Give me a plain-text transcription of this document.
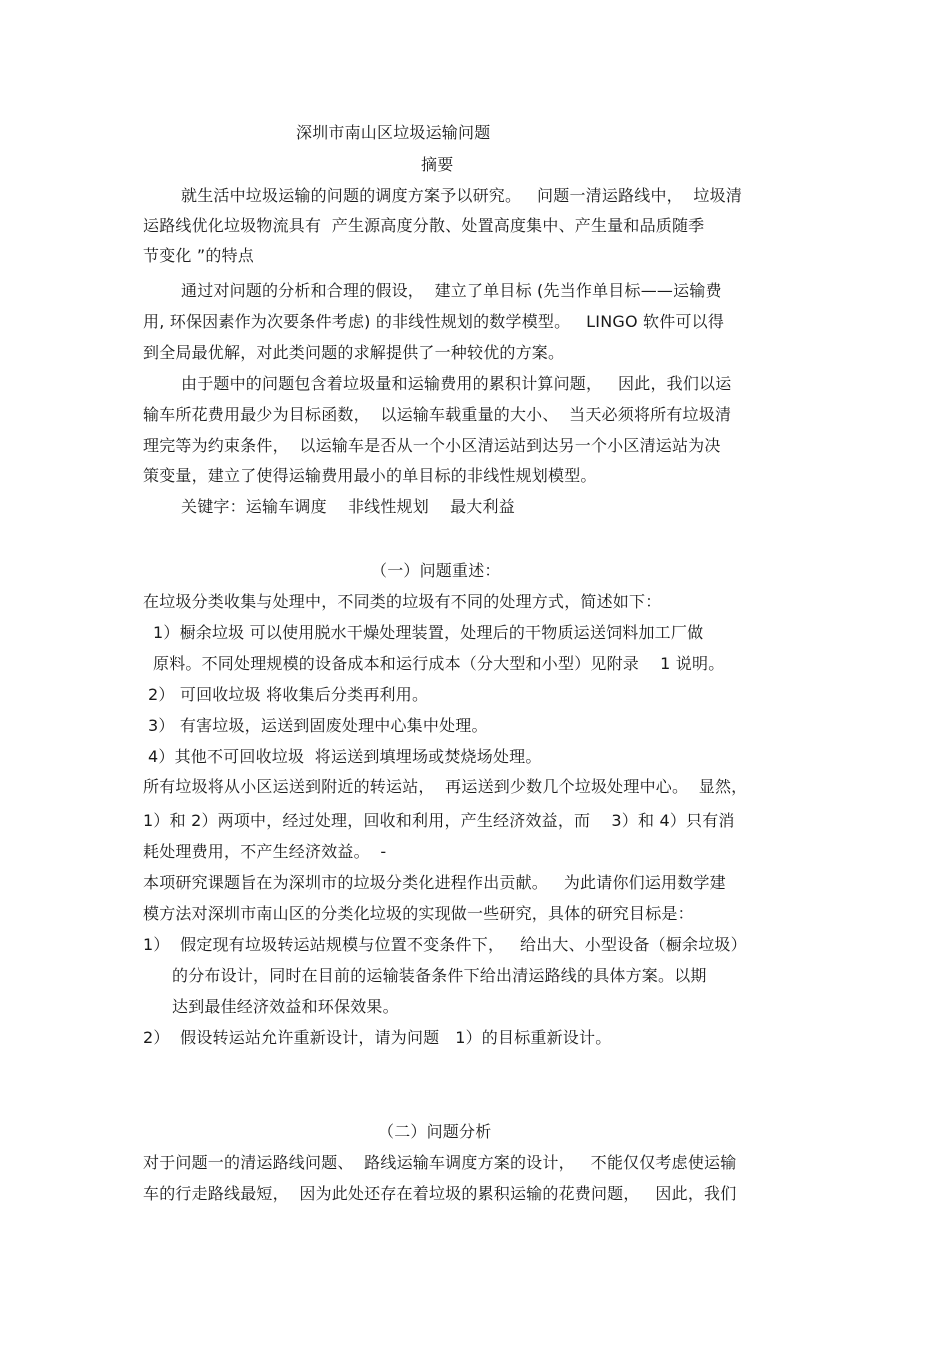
深圳市南山区垃圾运输问题
摘要
就生活中垃圾运输的问题的调度方案予以研究。   问题一清运路线中，  垃圾清
运路线优化垃圾物流具有  产生源高度分散、处置高度集中、产生量和品质随季
节变化 ”的特点
通过对问题的分析和合理的假设，  建立了单目标 (先当作单目标——运输费
用, 环保因素作为次要条件考虑) 的非线性规划的数学模型。   LINGO 软件可以得
到全局最优解，对此类问题的求解提供了一种较优的方案。
由于题中的问题包含着垃圾量和运输费用的累积计算问题，   因此，我们以运
输车所花费用最少为目标函数，  以运输车载重量的大小、  当天必须将所有垃圾清
理完等为约束条件，  以运输车是否从一个小区清运站到达另一个小区清运站为决
策变量，建立了使得运输费用最小的单目标的非线性规划模型。
关键字：运输车调度    非线性规划    最大利益
（一）问题重述：
在垃圾分类收集与处理中，不同类的垃圾有不同的处理方式，简述如下：
1）橱余垃圾 可以使用脱水干燥处理装置，处理后的干物质运送饲料加工厂做
原料。不同处理规模的设备成本和运行成本（分大型和小型）见附录    1 说明。
2） 可回收垃圾 将收集后分类再利用。
3） 有害垃圾，运送到固废处理中心集中处理。
4）其他不可回收垃圾  将运送到填埋场或焚烧场处理。
所有垃圾将从小区运送到附近的转运站，  再运送到少数几个垃圾处理中心。  显然，
1）和 2）两项中，经过处理，回收和利用，产生经济效益，而    3）和 4）只有消
耗处理费用，不产生经济效益。  -
本项研究课题旨在为深圳市的垃圾分类化进程作出贡献。   为此请你们运用数学建
模方法对深圳市南山区的分类化垃圾的实现做一些研究，具体的研究目标是：
1）  假定现有垃圾转运站规模与位置不变条件下，   给出大、小型设备（橱余垃圾）
的分布设计，同时在目前的运输装备条件下给出清运路线的具体方案。以期
达到最佳经济效益和环保效果。
2）  假设转运站允许重新设计，请为问题   1）的目标重新设计。
（二）问题分析
对于问题一的清运路线问题、  路线运输车调度方案的设计，   不能仅仅考虑使运输
车的行走路线最短，  因为此处还存在着垃圾的累积运输的花费问题，   因此，我们
